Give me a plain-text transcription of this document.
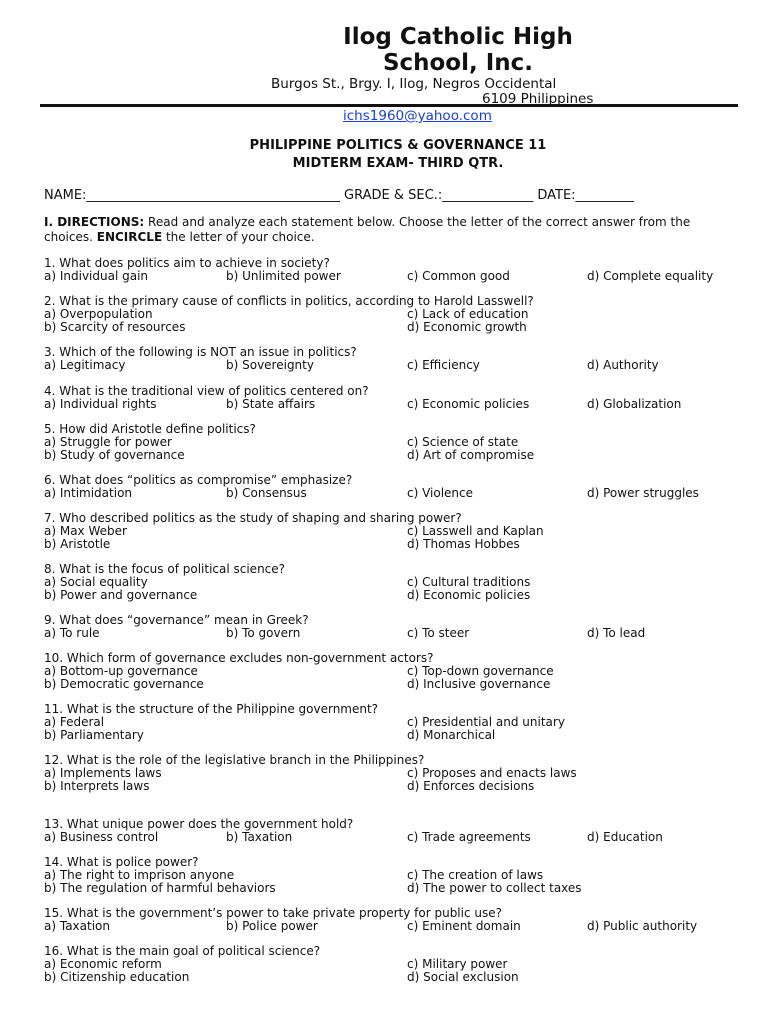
Ilog Catholic High
School, Inc.
Burgos St., Brgy. I, Ilog, Negros Occidental
6109 Philippines
ichs1960@yahoo.com
PHILIPPINE POLITICS & GOVERNANCE 11
MIDTERM EXAM- THIRD QTR.
NAME:_______________________________________ GRADE & SEC.:______________ DATE:_________
I. DIRECTIONS: Read and analyze each statement below. Choose the letter of the correct answer from the choices. ENCIRCLE the letter of your choice.
1. What does politics aim to achieve in society?
a) Individual gain	b) Unlimited power	c) Common good	d) Complete equality
2. What is the primary cause of conflicts in politics, according to Harold Lasswell?
a) Overpopulation	c) Lack of education
b) Scarcity of resources	d) Economic growth
3. Which of the following is NOT an issue in politics?
a) Legitimacy	b) Sovereignty	c) Efficiency	d) Authority
4. What is the traditional view of politics centered on?
a) Individual rights	b) State affairs	c) Economic policies	d) Globalization
5. How did Aristotle define politics?
a) Struggle for power	c) Science of state
b) Study of governance	d) Art of compromise
6. What does “politics as compromise” emphasize?
a) Intimidation	b) Consensus	c) Violence	d) Power struggles
7. Who described politics as the study of shaping and sharing power?
a) Max Weber	c) Lasswell and Kaplan
b) Aristotle	d) Thomas Hobbes
8. What is the focus of political science?
a) Social equality	c) Cultural traditions
b) Power and governance	d) Economic policies
9. What does “governance” mean in Greek?
a) To rule	b) To govern	c) To steer	d) To lead
10. Which form of governance excludes non-government actors?
a) Bottom-up governance	c) Top-down governance
b) Democratic governance	d) Inclusive governance
11. What is the structure of the Philippine government?
a) Federal	c) Presidential and unitary
b) Parliamentary	d) Monarchical
12. What is the role of the legislative branch in the Philippines?
a) Implements laws	c) Proposes and enacts laws
b) Interprets laws	d) Enforces decisions
13. What unique power does the government hold?
a) Business control	b) Taxation	c) Trade agreements	d) Education
14. What is police power?
a) The right to imprison anyone	c) The creation of laws
b) The regulation of harmful behaviors	d) The power to collect taxes
15. What is the government’s power to take private property for public use?
a) Taxation	b) Police power	c) Eminent domain	d) Public authority
16. What is the main goal of political science?
a) Economic reform	c) Military power
b) Citizenship education	d) Social exclusion
